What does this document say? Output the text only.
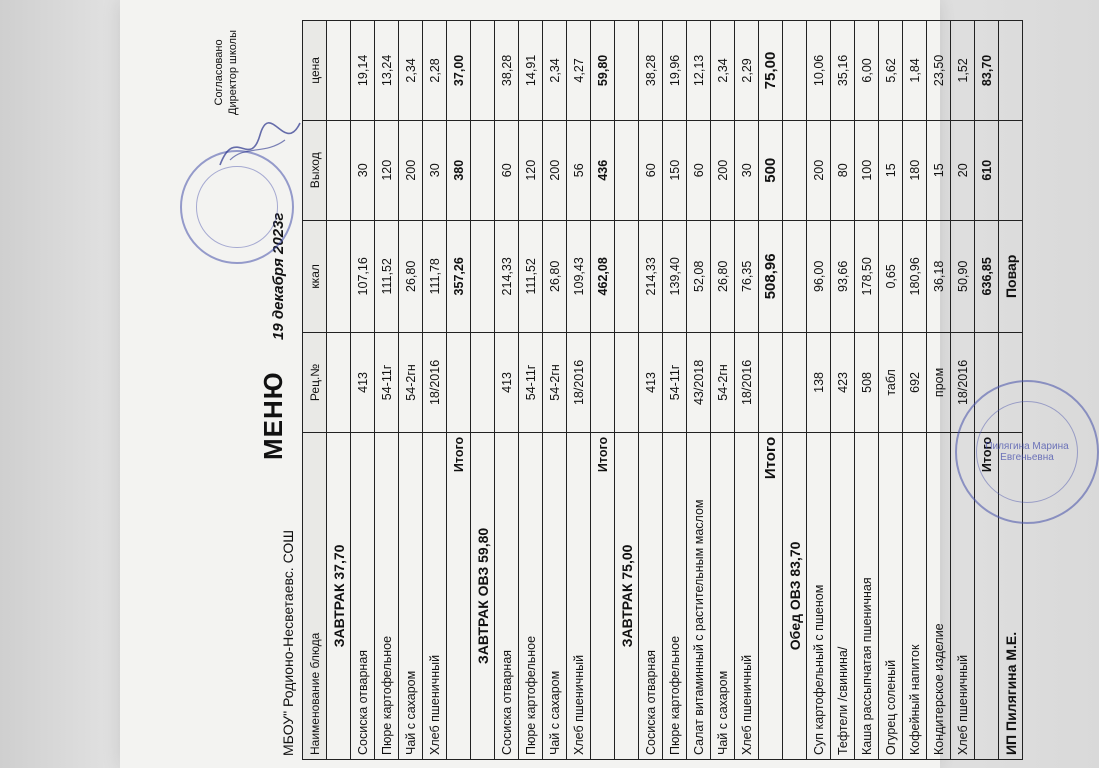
МБОУ" Родионо-Несветаевс. СОШ
Согласовано Директор школы
МЕНЮ
19 декабря 2023г
Наименование блюда	Рец.№	ккал	Выход	цена
ЗАВТРАК 37,70				
Сосиска отварная	413	107,16	30	19,14
Пюре картофельное	54-11г	111,52	120	13,24
Чай с сахаром	54-2гн	26,80	200	2,34
Хлеб пшеничный	18/2016	111,78	30	2,28
Итого		357,26	380	37,00
ЗАВТРАК ОВЗ 59,80				
Сосиска отварная	413	214,33	60	38,28
Пюре картофельное	54-11г	111,52	120	14,91
Чай с сахаром	54-2гн	26,80	200	2,34
Хлеб пшеничный	18/2016	109,43	56	4,27
Итого		462,08	436	59,80
ЗАВТРАК 75,00				
Сосиска отварная	413	214,33	60	38,28
Пюре картофельное	54-11г	139,40	150	19,96
Салат витаминный с растительным маслом	43/2018	52,08	60	12,13
Чай с сахаром	54-2гн	26,80	200	2,34
Хлеб пшеничный	18/2016	76,35	30	2,29
Итого		508,96	500	75,00
Обед ОВЗ 83,70				
Суп картофельный с пшеном	138	96,00	200	10,06
Тефтели /свинина/	423	93,66	80	35,16
Каша рассыпчатая пшеничная	508	178,50	100	6,00
Огурец соленый	табл	0,65	15	5,62
Кофейный напиток	692	180,96	180	1,84
Кондитерское изделие	пром	36,18	15	23,50
Хлеб пшеничный	18/2016	50,90	20	1,52
Итого		636,85	610	83,70
ИП Пилягина М.Е.		Повар		
Пилягина Марина Евгеньевна
